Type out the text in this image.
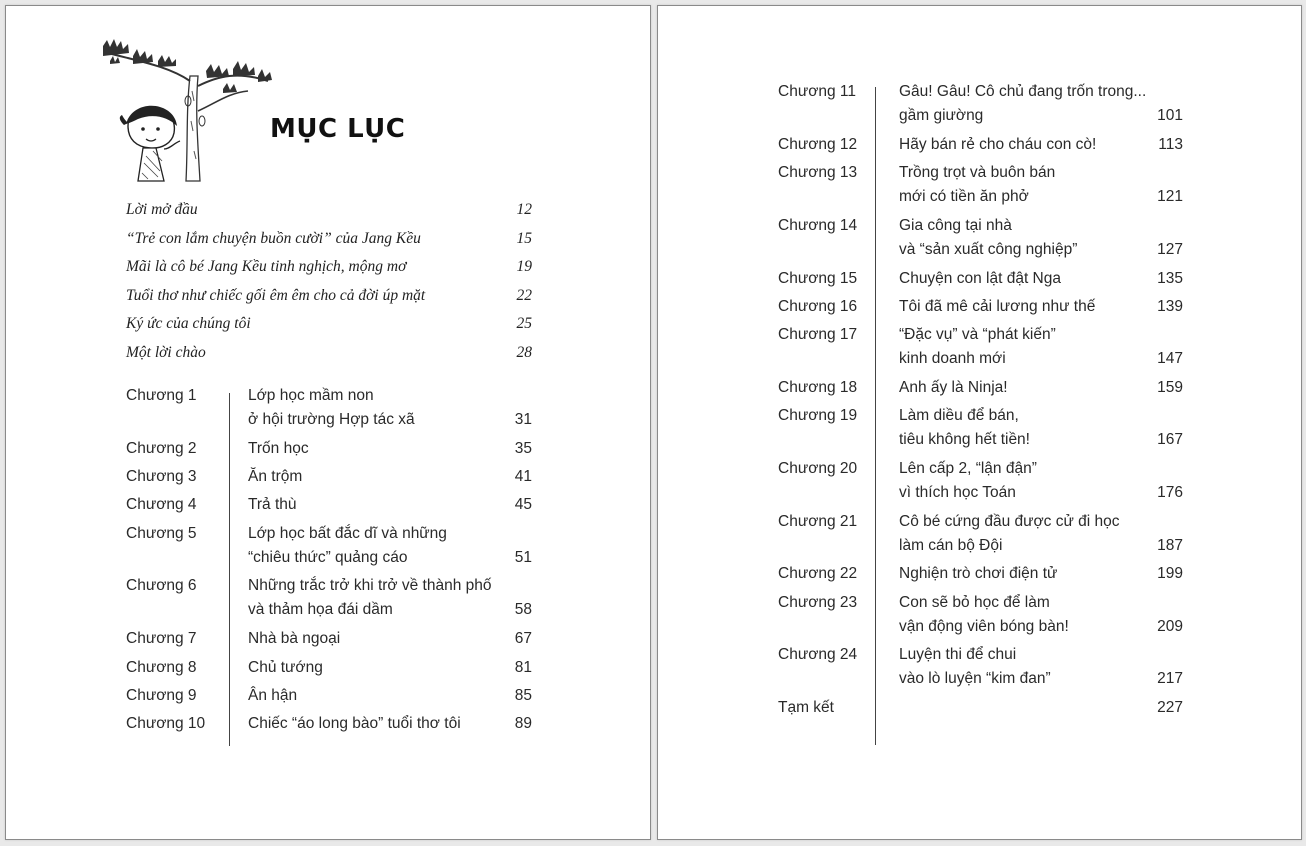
MỤC LỤC
Lời mở đầu	12
“Trẻ con lắm chuyện buồn cười” của Jang Kều	15
Mãi là cô bé Jang Kều tinh nghịch, mộng mơ	19
Tuổi thơ như chiếc gối êm êm cho cả đời úp mặt	22
Ký ức của chúng tôi	25
Một lời chào	28
Chương 1	Lớp học mầm non
ở hội trường Hợp tác xã	31
Chương 2	Trốn học	35
Chương 3	Ăn trộm	41
Chương 4	Trả thù	45
Chương 5	Lớp học bất đắc dĩ và những
“chiêu thức” quảng cáo	51
Chương 6	Những trắc trở khi trở về thành phố
và thảm họa đái dầm	58
Chương 7	Nhà bà ngoại	67
Chương 8	Chủ tướng	81
Chương 9	Ân hận	85
Chương 10	Chiếc “áo long bào” tuổi thơ tôi	89
Chương 11	Gâu! Gâu! Cô chủ đang trốn trong...
gầm giường	101
Chương 12	Hãy bán rẻ cho cháu con cò!	113
Chương 13	Trồng trọt và buôn bán
mới có tiền ăn phở	121
Chương 14	Gia công tại nhà
và “sản xuất công nghiệp”	127
Chương 15	Chuyện con lật đật Nga	135
Chương 16	Tôi đã mê cải lương như thế	139
Chương 17	“Đặc vụ” và “phát kiến”
kinh doanh mới	147
Chương 18	Anh ấy là Ninja!	159
Chương 19	Làm diều để bán,
tiêu không hết tiền!	167
Chương 20	Lên cấp 2, “lận đận”
vì thích học Toán	176
Chương 21	Cô bé cứng đầu được cử đi học
làm cán bộ Đội	187
Chương 22	Nghiện trò chơi điện tử	199
Chương 23	Con sẽ bỏ học để làm
vận động viên bóng bàn!	209
Chương 24	Luyện thi để chui
vào lò luyện “kim đan”	217
Tạm kết	227
